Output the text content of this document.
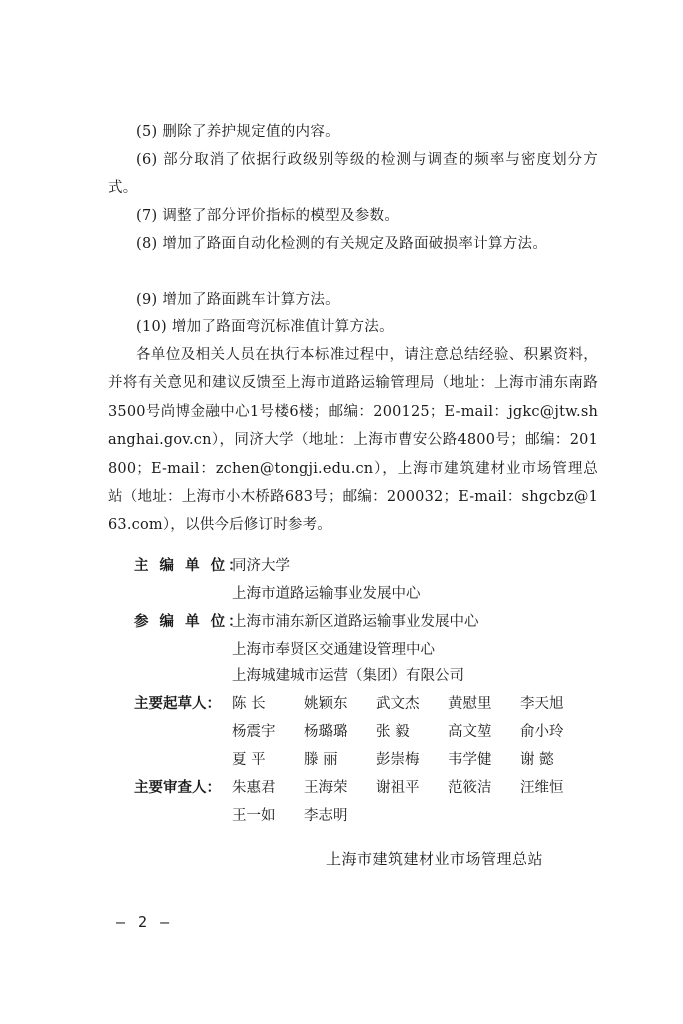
(5) 删除了养护规定值的内容。
(6) 部分取消了依据行政级别等级的检测与调查的频率与密度划分方式。
(7) 调整了部分评价指标的模型及参数。
(8) 增加了路面自动化检测的有关规定及路面破损率计算方法。
(9) 增加了路面跳车计算方法。
(10) 增加了路面弯沉标准值计算方法。
各单位及相关人员在执行本标准过程中，请注意总结经验、积累资料，并将有关意见和建议反馈至上海市道路运输管理局（地址：上海市浦东南路3500号尚博金融中心1号楼6楼；邮编：200125；E-mail：jgkc@jtw.shanghai.gov.cn），同济大学（地址：上海市曹安公路4800号；邮编：201800；E-mail：zchen@tongji.edu.cn），上海市建筑建材业市场管理总站（地址：上海市小木桥路683号；邮编：200032；E-mail：shgcbz@163.com），以供今后修订时参考。
主 编 单 位：同济大学
上海市道路运输事业发展中心
参 编 单 位：上海市浦东新区道路运输事业发展中心
上海市奉贤区交通建设管理中心
上海城建城市运营（集团）有限公司
主要起草人： 陈 长	姚颖东 武文杰 黄慰里 李天旭
杨震宇 杨璐璐 张 毅	高文堃 俞小玲
夏 平	滕 丽	彭崇梅 韦学健 谢 懿
主要审查人： 朱惠君 王海荣 谢祖平 范筱洁 汪维恒
王一如 李志明
上海市建筑建材业市场管理总站
— 2 —
